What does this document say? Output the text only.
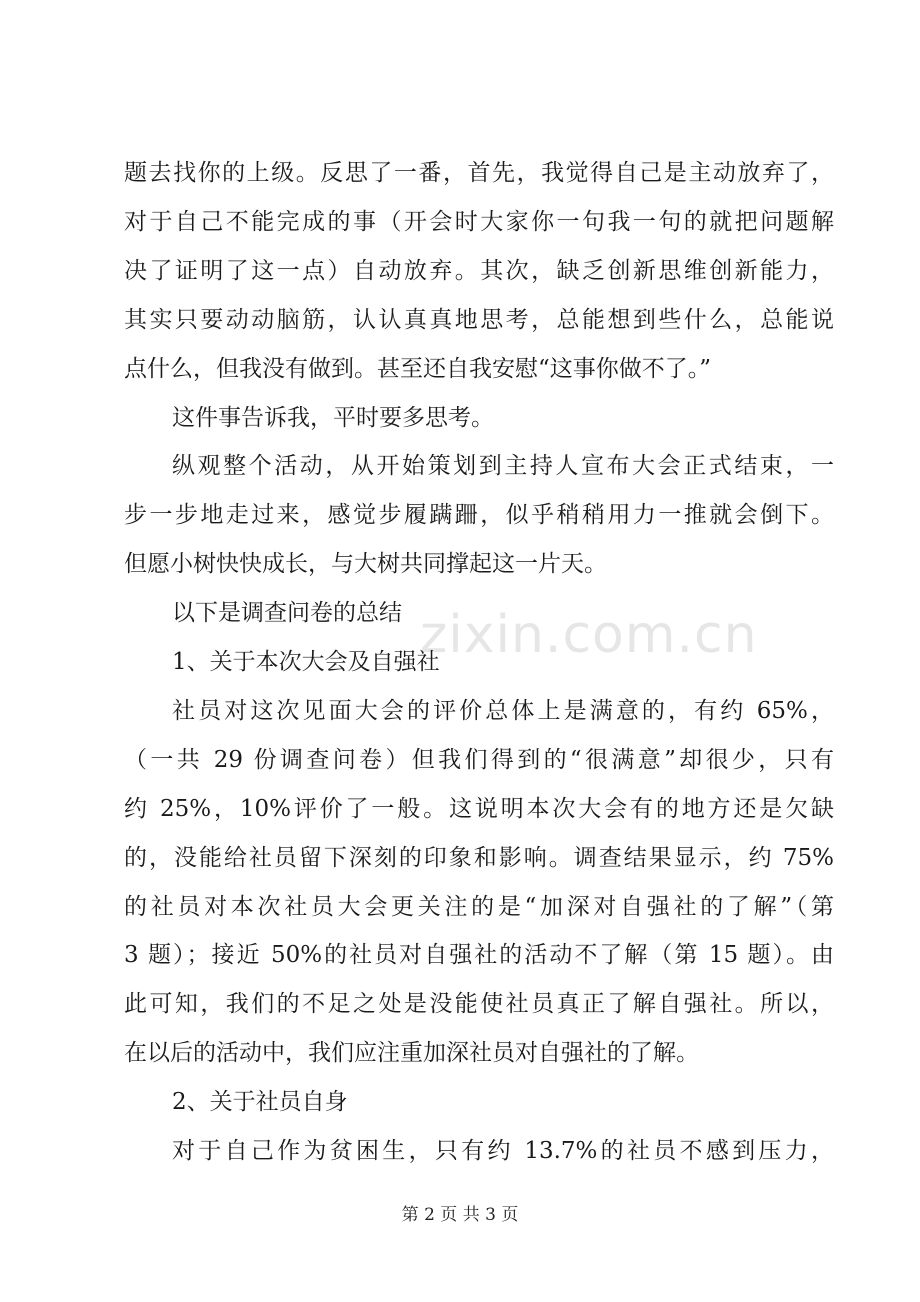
zixin.com.cn
题去找你的上级。反思了一番，首先，我觉得自己是主动放弃了，
对于自己不能完成的事（开会时大家你一句我一句的就把问题解
决了证明了这一点）自动放弃。其次，缺乏创新思维创新能力，
其实只要动动脑筋，认认真真地思考，总能想到些什么，总能说
点什么，但我没有做到。甚至还自我安慰“这事你做不了。”
这件事告诉我，平时要多思考。
纵观整个活动，从开始策划到主持人宣布大会正式结束，一
步一步地走过来，感觉步履蹒跚，似乎稍稍用力一推就会倒下。
但愿小树快快成长，与大树共同撑起这一片天。
以下是调查问卷的总结
1、关于本次大会及自强社
社员对这次见面大会的评价总体上是满意的，有约 65%，
（一共 29 份调查问卷）但我们得到的“很满意”却很少，只有
约 25%，10%评价了一般。这说明本次大会有的地方还是欠缺
的，没能给社员留下深刻的印象和影响。调查结果显示，约 75%
的社员对本次社员大会更关注的是“加深对自强社的了解”（第
3 题）；接近 50%的社员对自强社的活动不了解（第 15 题）。由
此可知，我们的不足之处是没能使社员真正了解自强社。所以，
在以后的活动中，我们应注重加深社员对自强社的了解。
2、关于社员自身
对于自己作为贫困生，只有约 13.7%的社员不感到压力，
第 2 页 共 3 页
